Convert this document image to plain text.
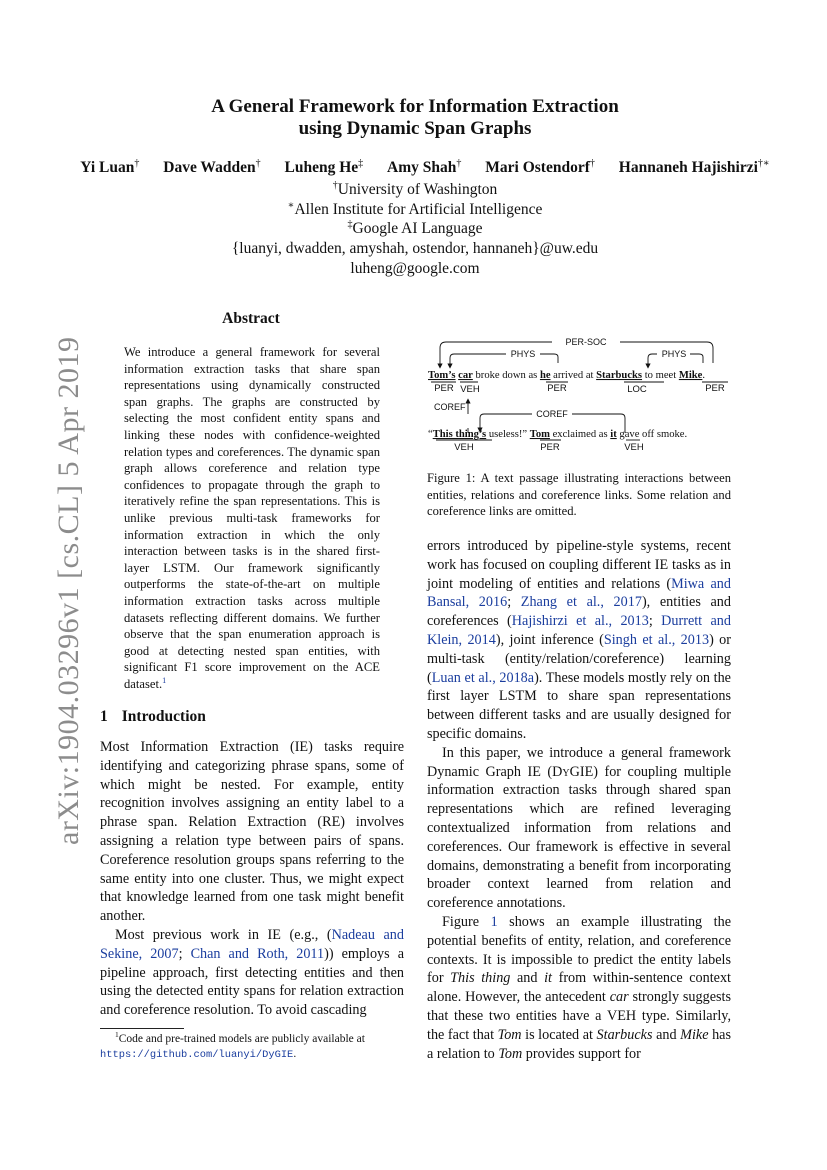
A General Framework for Information Extraction
using Dynamic Span Graphs
Yi Luan† Dave Wadden† Luheng He‡ Amy Shah† Mari Ostendorf† Hannaneh Hajishirzi†∗
†University of Washington
∗Allen Institute for Artificial Intelligence
‡Google AI Language
{luanyi, dwadden, amyshah, ostendor, hannaneh}@uw.edu
luheng@google.com
arXiv:1904.03296v1 [cs.CL] 5 Apr 2019
Abstract
We introduce a general framework for several information extraction tasks that share span representations using dynamically constructed span graphs. The graphs are constructed by selecting the most confident entity spans and linking these nodes with confidence-weighted relation types and coreferences. The dynamic span graph allows coreference and relation type confidences to propagate through the graph to iteratively refine the span representations. This is unlike previous multi-task frameworks for information extraction in which the only interaction between tasks is in the shared first-layer LSTM. Our framework significantly outperforms the state-of-the-art on multiple information extraction tasks across multiple datasets reflecting different domains. We further observe that the span enumeration approach is good at detecting nested span entities, with significant F1 score improvement on the ACE dataset.$^1$
1 Introduction

Most Information Extraction (IE) tasks require identifying and categorizing phrase spans, some of which might be nested. For example, entity recognition involves assigning an entity label to a phrase span. Relation Extraction (RE) involves assigning a relation type between pairs of spans. Coreference resolution groups spans referring to the same entity into one cluster. Thus, we might expect that knowledge learned from one task might benefit another.

Most previous work in IE (e.g., (Nadeau and Sekine, 2007; Chan and Roth, 2011)) employs a pipeline approach, first detecting entities and then using the detected entity spans for relation extraction and coreference resolution. To avoid cascading

$^1$Code and pre-trained models are publicly available at https://github.com/luanyi/DyGIE.
PER-SOC
PHYS	PHYS
COREF
COREF
Tom’s car broke down as he arrived at Starbucks to meet Mike.
PER VEH	PER	LOC	PER
“This thing’s useless!” Tom exclaimed as it gave off smoke.
VEH	PER	VEH
Figure 1: A text passage illustrating interactions between entities, relations and coreference links. Some relation and coreference links are omitted.

errors introduced by pipeline-style systems, recent work has focused on coupling different IE tasks as in joint modeling of entities and relations (Miwa and Bansal, 2016; Zhang et al., 2017), entities and coreferences (Hajishirzi et al., 2013; Durrett and Klein, 2014), joint inference (Singh et al., 2013) or multi-task (entity/relation/coreference) learning (Luan et al., 2018a). These models mostly rely on the first layer LSTM to share span representations between different tasks and are usually designed for specific domains.

In this paper, we introduce a general framework Dynamic Graph IE (DyGIE) for coupling multiple information extraction tasks through shared span representations which are refined leveraging contextualized information from relations and coreferences. Our framework is effective in several domains, demonstrating a benefit from incorporating broader context learned from relation and coreference annotations.

Figure 1 shows an example illustrating the potential benefits of entity, relation, and coreference contexts. It is impossible to predict the entity labels for This thing and it from within-sentence context alone. However, the antecedent car strongly suggests that these two entities have a VEH type. Similarly, the fact that Tom is located at Starbucks and Mike has a relation to Tom provides support for
